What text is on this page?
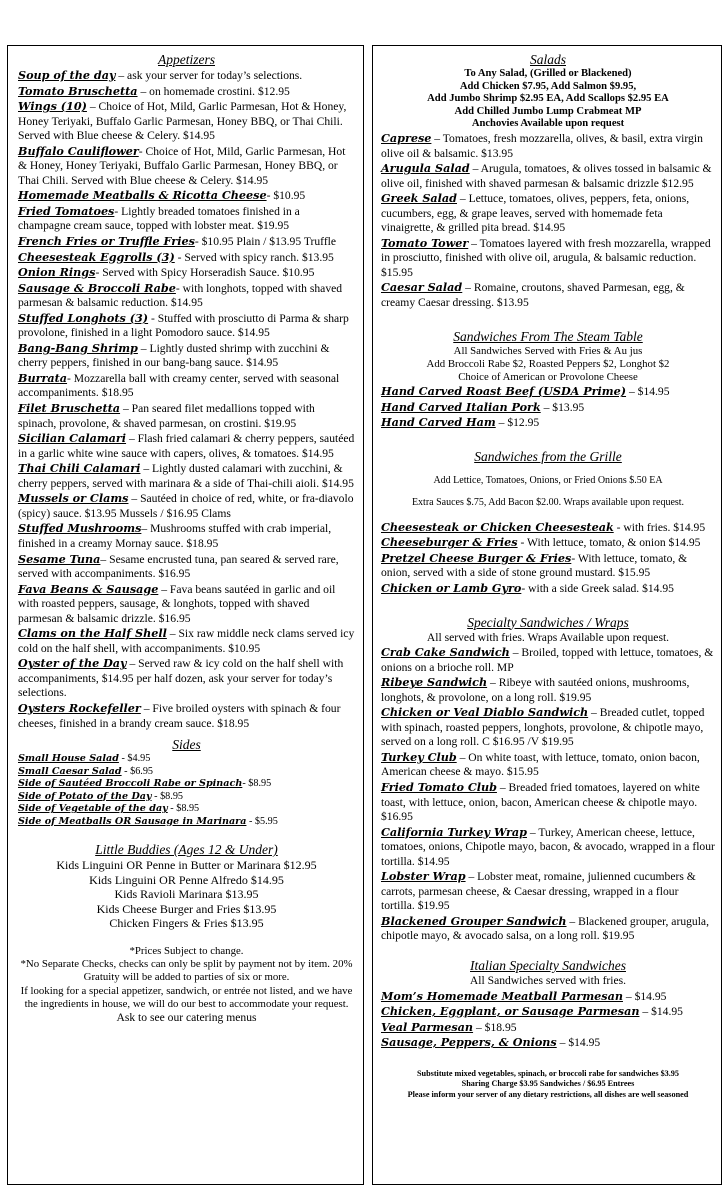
Appetizers

Soup of the day – ask your server for today’s selections.

Tomato Bruschetta – on homemade crostini. $12.95

Wings (10) – Choice of Hot, Mild, Garlic Parmesan, Hot & Honey, Honey Teriyaki, Buffalo Garlic Parmesan, Honey BBQ, or Thai Chili. Served with Blue cheese & Celery. $14.95

Buffalo Cauliflower- Choice of Hot, Mild, Garlic Parmesan, Hot & Honey, Honey Teriyaki, Buffalo Garlic Parmesan, Honey BBQ, or Thai Chili. Served with Blue cheese & Celery. $14.95

Homemade Meatballs & Ricotta Cheese- $10.95

Fried Tomatoes- Lightly breaded tomatoes finished in a champagne cream sauce, topped with lobster meat. $19.95

French Fries or Truffle Fries- $10.95 Plain / $13.95 Truffle

Cheesesteak Eggrolls (3) - Served with spicy ranch. $13.95

Onion Rings- Served with Spicy Horseradish Sauce. $10.95

Sausage & Broccoli Rabe- with longhots, topped with shaved parmesan & balsamic reduction. $14.95

Stuffed Longhots (3) - Stuffed with prosciutto di Parma & sharp provolone, finished in a light Pomodoro sauce. $14.95

Bang-Bang Shrimp – Lightly dusted shrimp with zucchini & cherry peppers, finished in our bang-bang sauce. $14.95

Burrata- Mozzarella ball with creamy center, served with seasonal accompaniments. $18.95

Filet Bruschetta – Pan seared filet medallions topped with spinach, provolone, & shaved parmesan, on crostini. $19.95

Sicilian Calamari – Flash fried calamari & cherry peppers, sautéed in a garlic white wine sauce with capers, olives, & tomatoes. $14.95

Thai Chili Calamari – Lightly dusted calamari with zucchini, & cherry peppers, served with marinara & a side of Thai-chili aioli. $14.95

Mussels or Clams – Sautéed in choice of red, white, or fra-diavolo (spicy) sauce. $13.95 Mussels / $16.95 Clams

Stuffed Mushrooms– Mushrooms stuffed with crab imperial, finished in a creamy Mornay sauce. $18.95

Sesame Tuna– Sesame encrusted tuna, pan seared & served rare, served with accompaniments. $16.95

Fava Beans & Sausage – Fava beans sautéed in garlic and oil with roasted peppers, sausage, & longhots, topped with shaved parmesan & balsamic drizzle. $16.95

Clams on the Half Shell – Six raw middle neck clams served icy cold on the half shell, with accompaniments. $10.95

Oyster of the Day – Served raw & icy cold on the half shell with accompaniments, $14.95 per half dozen, ask your server for today’s selections.

Oysters Rockefeller – Five broiled oysters with spinach & four cheeses, finished in a brandy cream sauce. $18.95

Sides

Small House Salad - $4.95

Small Caesar Salad - $6.95

Side of Sautéed Broccoli Rabe or Spinach- $8.95

Side of Potato of the Day - $8.95

Side of Vegetable of the day - $8.95

Side of Meatballs OR Sausage in Marinara - $5.95

Little Buddies (Ages 12 & Under)

Kids Linguini OR Penne in Butter or Marinara $12.95

Kids Linguini OR Penne Alfredo $14.95

Kids Ravioli Marinara $13.95

Kids Cheese Burger and Fries $13.95

Chicken Fingers & Fries $13.95

*Prices Subject to change.

*No Separate Checks, checks can only be split by payment not by item. 20% Gratuity will be added to parties of six or more.

If looking for a special appetizer, sandwich, or entrée not listed, and we have the ingredients in house, we will do our best to accommodate your request.

Ask to see our catering menus

Salads

To Any Salad, (Grilled or Blackened)

Add Chicken $7.95, Add Salmon $9.95,

Add Jumbo Shrimp $2.95 EA, Add Scallops $2.95 EA

Add Chilled Jumbo Lump Crabmeat MP

Anchovies Available upon request

Caprese – Tomatoes, fresh mozzarella, olives, & basil, extra virgin olive oil & balsamic. $13.95

Arugula Salad – Arugula, tomatoes, & olives tossed in balsamic & olive oil, finished with shaved parmesan & balsamic drizzle $12.95

Greek Salad – Lettuce, tomatoes, olives, peppers, feta, onions, cucumbers, egg, & grape leaves, served with homemade feta vinaigrette, & grilled pita bread. $14.95

Tomato Tower – Tomatoes layered with fresh mozzarella, wrapped in prosciutto, finished with olive oil, arugula, & balsamic reduction. $15.95

Caesar Salad – Romaine, croutons, shaved Parmesan, egg, & creamy Caesar dressing. $13.95

Sandwiches From The Steam Table

All Sandwiches Served with Fries & Au jus

Add Broccoli Rabe $2, Roasted Peppers $2, Longhot $2

Choice of American or Provolone Cheese

Hand Carved Roast Beef (USDA Prime) – $14.95

Hand Carved Italian Pork – $13.95

Hand Carved Ham – $12.95

Sandwiches from the Grille

Add Lettice, Tomatoes, Onions, or Fried Onions $.50 EA

Extra Sauces $.75, Add Bacon $2.00. Wraps available upon request.

Cheesesteak or Chicken Cheesesteak - with fries. $14.95

Cheeseburger & Fries - With lettuce, tomato, & onion $14.95

Pretzel Cheese Burger & Fries- With lettuce, tomato, & onion, served with a side of stone ground mustard. $15.95

Chicken or Lamb Gyro- with a side Greek salad. $14.95

Specialty Sandwiches / Wraps

All served with fries. Wraps Available upon request.

Crab Cake Sandwich – Broiled, topped with lettuce, tomatoes, & onions on a brioche roll. MP

Ribeye Sandwich – Ribeye with sautéed onions, mushrooms, longhots, & provolone, on a long roll. $19.95

Chicken or Veal Diablo Sandwich – Breaded cutlet, topped with spinach, roasted peppers, longhots, provolone, & chipotle mayo, served on a long roll. C $16.95 /V $19.95

Turkey Club – On white toast, with lettuce, tomato, onion bacon, American cheese & mayo. $15.95

Fried Tomato Club – Breaded fried tomatoes, layered on white toast, with lettuce, onion, bacon, American cheese & chipotle mayo. $16.95

California Turkey Wrap – Turkey, American cheese, lettuce, tomatoes, onions, Chipotle mayo, bacon, & avocado, wrapped in a flour tortilla. $14.95

Lobster Wrap – Lobster meat, romaine, julienned cucumbers & carrots, parmesan cheese, & Caesar dressing, wrapped in a flour tortilla. $19.95

Blackened Grouper Sandwich – Blackened grouper, arugula, chipotle mayo, & avocado salsa, on a long roll. $19.95

Italian Specialty Sandwiches

All Sandwiches served with fries.

Mom’s Homemade Meatball Parmesan – $14.95

Chicken, Eggplant, or Sausage Parmesan – $14.95

Veal Parmesan – $18.95

Sausage, Peppers, & Onions – $14.95

Substitute mixed vegetables, spinach, or broccoli rabe for sandwiches $3.95

Sharing Charge $3.95 Sandwiches / $6.95 Entrees

Please inform your server of any dietary restrictions, all dishes are well seasoned
